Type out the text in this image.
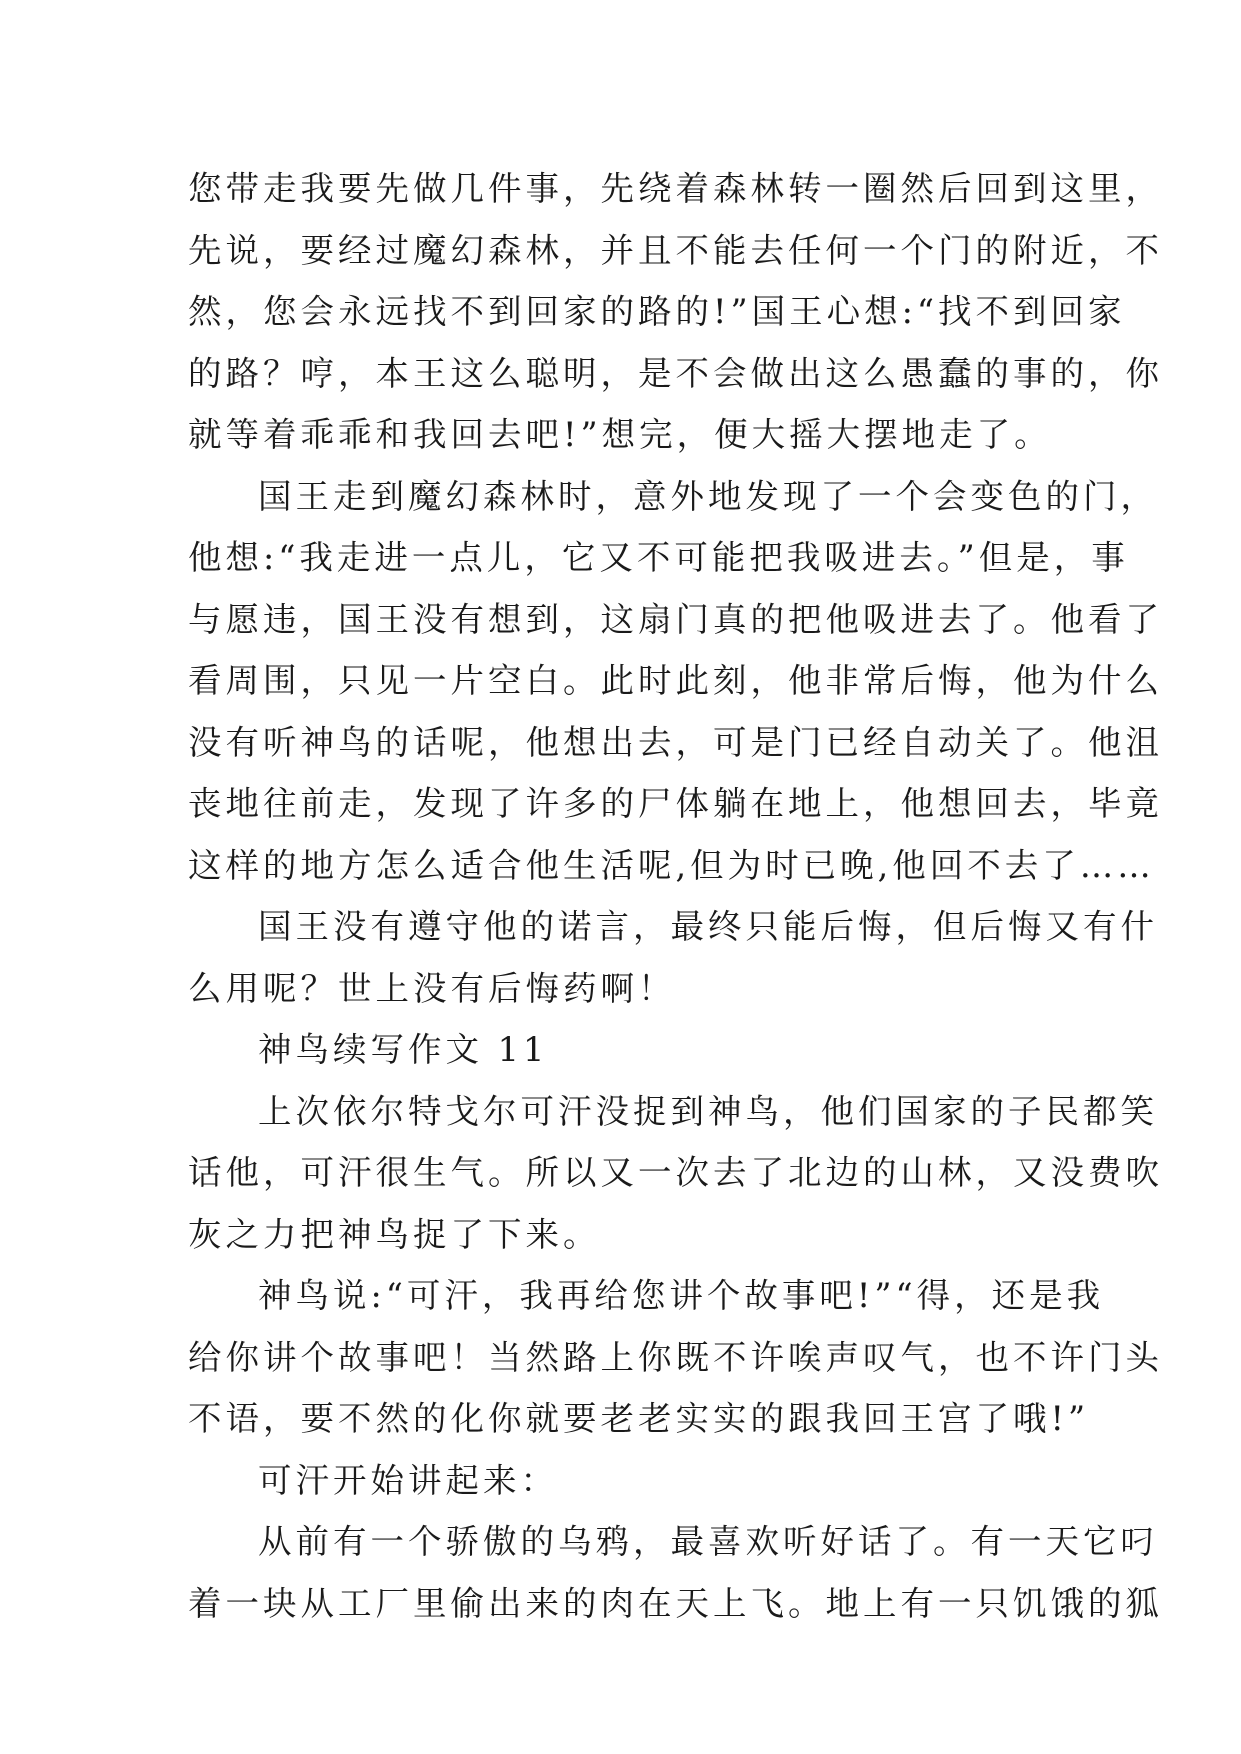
您带走我要先做几件事，先绕着森林转一圈然后回到这里，
先说，要经过魔幻森林，并且不能去任何一个门的附近，不
然，您会永远找不到回家的路的!”国王心想:“找不到回家
的路？哼，本王这么聪明，是不会做出这么愚蠢的事的，你
就等着乖乖和我回去吧!”想完，便大摇大摆地走了。
国王走到魔幻森林时，意外地发现了一个会变色的门，
他想:“我走进一点儿，它又不可能把我吸进去。”但是，事
与愿违，国王没有想到，这扇门真的把他吸进去了。他看了
看周围，只见一片空白。此时此刻，他非常后悔，他为什么
没有听神鸟的话呢，他想出去，可是门已经自动关了。他沮
丧地往前走，发现了许多的尸体躺在地上，他想回去，毕竟
这样的地方怎么适合他生活呢,但为时已晚,他回不去了……
国王没有遵守他的诺言，最终只能后悔，但后悔又有什
么用呢？世上没有后悔药啊！
神鸟续写作文 11
上次依尔特戈尔可汗没捉到神鸟，他们国家的子民都笑
话他，可汗很生气。所以又一次去了北边的山林，又没费吹
灰之力把神鸟捉了下来。
神鸟说:“可汗，我再给您讲个故事吧!”“得，还是我
给你讲个故事吧！当然路上你既不许唉声叹气，也不许门头
不语，要不然的化你就要老老实实的跟我回王宫了哦!”
可汗开始讲起来：
从前有一个骄傲的乌鸦，最喜欢听好话了。有一天它叼
着一块从工厂里偷出来的肉在天上飞。地上有一只饥饿的狐
